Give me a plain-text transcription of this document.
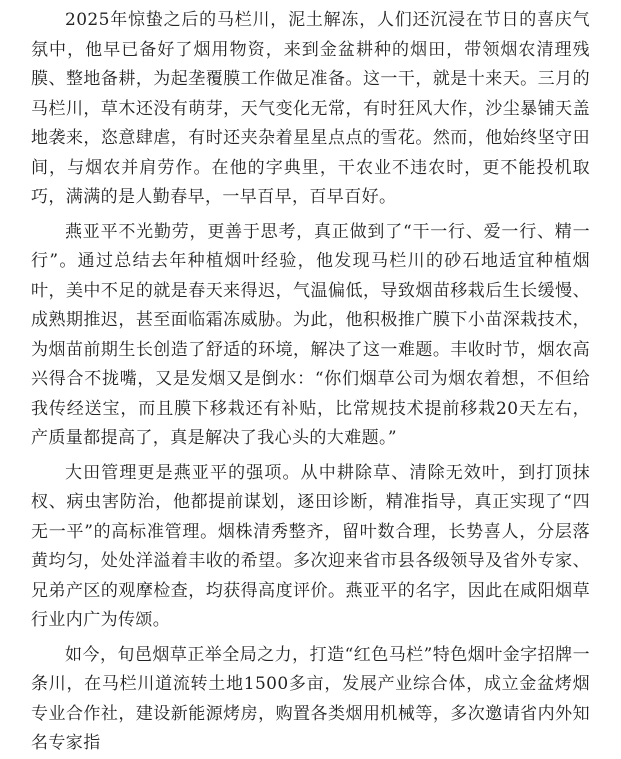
2025年惊蛰之后的马栏川，泥土解冻，人们还沉浸在节日的喜庆气氛中，他早已备好了烟用物资，来到金盆耕种的烟田，带领烟农清理残膜、整地备耕，为起垄覆膜工作做足准备。这一干，就是十来天。三月的马栏川，草木还没有萌芽，天气变化无常，有时狂风大作，沙尘暴铺天盖地袭来，恣意肆虐，有时还夹杂着星星点点的雪花。然而，他始终坚守田间，与烟农并肩劳作。在他的字典里，干农业不违农时，更不能投机取巧，满满的是人勤春早，一早百早，百早百好。

燕亚平不光勤劳，更善于思考，真正做到了“干一行、爱一行、精一行”。通过总结去年种植烟叶经验，他发现马栏川的砂石地适宜种植烟叶，美中不足的就是春天来得迟，气温偏低，导致烟苗移栽后生长缓慢、成熟期推迟，甚至面临霜冻威胁。为此，他积极推广膜下小苗深栽技术，为烟苗前期生长创造了舒适的环境，解决了这一难题。丰收时节，烟农高兴得合不拢嘴，又是发烟又是倒水：“你们烟草公司为烟农着想，不但给我传经送宝，而且膜下移栽还有补贴，比常规技术提前移栽20天左右，产质量都提高了，真是解决了我心头的大难题。”

大田管理更是燕亚平的强项。从中耕除草、清除无效叶，到打顶抹杈、病虫害防治，他都提前谋划，逐田诊断，精准指导，真正实现了“四无一平”的高标准管理。烟株清秀整齐，留叶数合理，长势喜人，分层落黄均匀，处处洋溢着丰收的希望。多次迎来省市县各级领导及省外专家、兄弟产区的观摩检查，均获得高度评价。燕亚平的名字，因此在咸阳烟草行业内广为传颂。

如今，旬邑烟草正举全局之力，打造“红色马栏”特色烟叶金字招牌一条川，在马栏川道流转土地1500多亩，发展产业综合体，成立金盆烤烟专业合作社，建设新能源烤房，购置各类烟用机械等，多次邀请省内外知名专家指
